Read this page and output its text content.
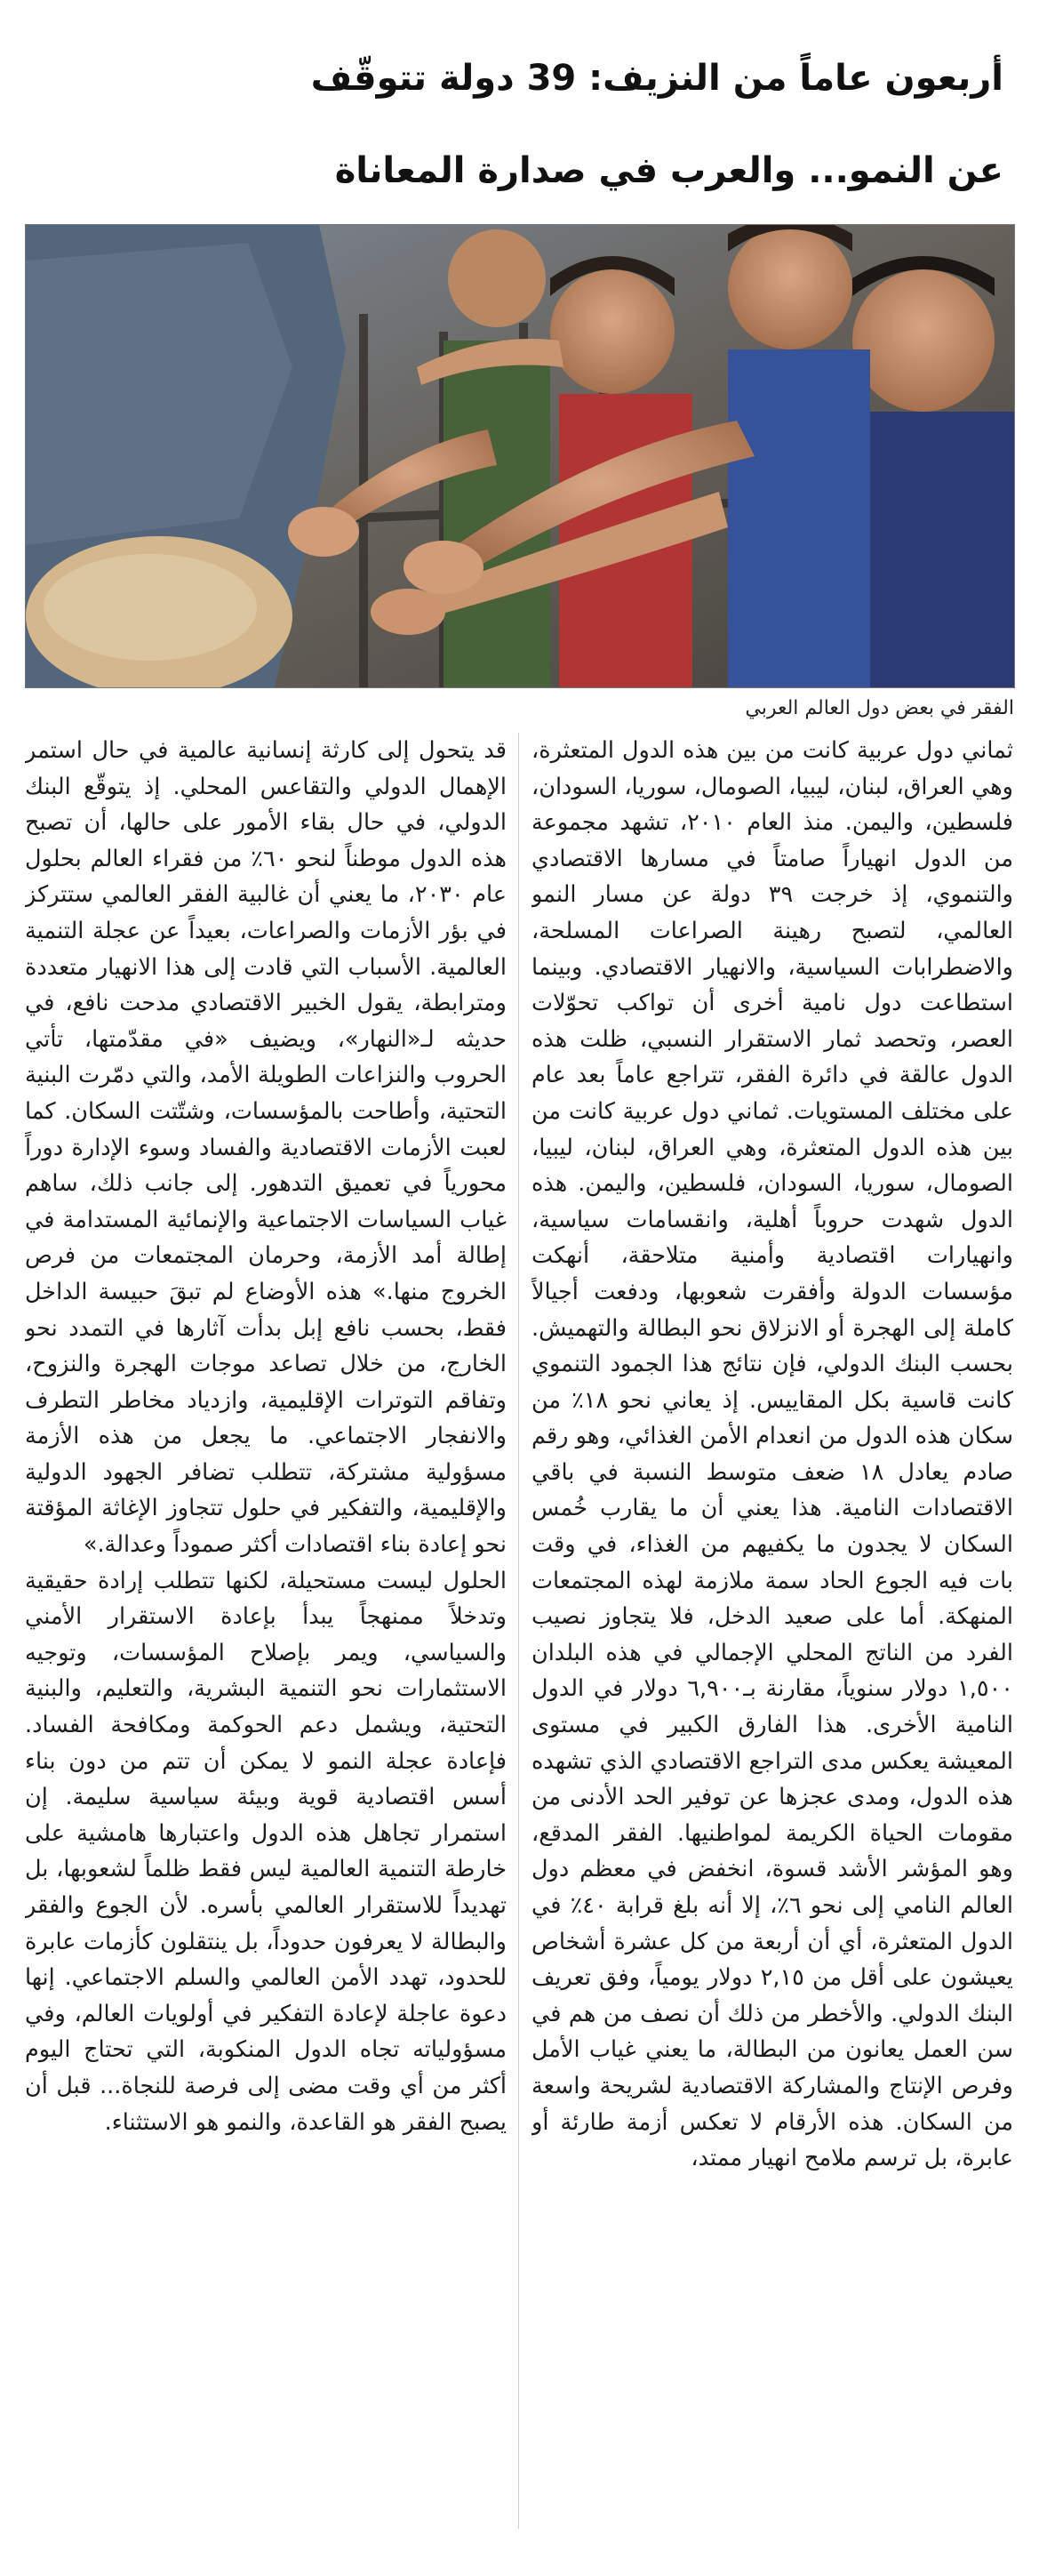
أربعون عاماً من النزيف: 39 دولة تتوقّف
عن النمو... والعرب في صدارة المعاناة
الفقر في بعض دول العالم العربي

ثماني دول عربية كانت من بين هذه الدول المتعثرة، وهي العراق، لبنان، ليبيا، الصومال، سوريا، السودان، فلسطين، واليمن. منذ العام ٢٠١٠، تشهد مجموعة من الدول انهياراً صامتاً في مسارها الاقتصادي والتنموي، إذ خرجت ٣٩ دولة عن مسار النمو العالمي، لتصبح رهينة الصراعات المسلحة، والاضطرابات السياسية، والانهيار الاقتصادي. وبينما استطاعت دول نامية أخرى أن تواكب تحوّلات العصر، وتحصد ثمار الاستقرار النسبي، ظلت هذه الدول عالقة في دائرة الفقر، تتراجع عاماً بعد عام على مختلف المستويات. ثماني دول عربية كانت من بين هذه الدول المتعثرة، وهي العراق، لبنان، ليبيا، الصومال، سوريا، السودان، فلسطين، واليمن. هذه الدول شهدت حروباً أهلية، وانقسامات سياسية، وانهيارات اقتصادية وأمنية متلاحقة، أنهكت مؤسسات الدولة وأفقرت شعوبها، ودفعت أجيالاً كاملة إلى الهجرة أو الانزلاق نحو البطالة والتهميش. بحسب البنك الدولي، فإن نتائج هذا الجمود التنموي كانت قاسية بكل المقاييس. إذ يعاني نحو ١٨٪ من سكان هذه الدول من انعدام الأمن الغذائي، وهو رقم صادم يعادل ١٨ ضعف متوسط النسبة في باقي الاقتصادات النامية. هذا يعني أن ما يقارب خُمس السكان لا يجدون ما يكفيهم من الغذاء، في وقت بات فيه الجوع الحاد سمة ملازمة لهذه المجتمعات المنهكة. أما على صعيد الدخل، فلا يتجاوز نصيب الفرد من الناتج المحلي الإجمالي في هذه البلدان ١,٥٠٠ دولار سنوياً، مقارنة بـ٦,٩٠٠ دولار في الدول النامية الأخرى. هذا الفارق الكبير في مستوى المعيشة يعكس مدى التراجع الاقتصادي الذي تشهده هذه الدول، ومدى عجزها عن توفير الحد الأدنى من مقومات الحياة الكريمة لمواطنيها. الفقر المدقع، وهو المؤشر الأشد قسوة، انخفض في معظم دول العالم النامي إلى نحو ٦٪، إلا أنه بلغ قرابة ٤٠٪ في الدول المتعثرة، أي أن أربعة من كل عشرة أشخاص يعيشون على أقل من ٢,١٥ دولار يومياً، وفق تعريف البنك الدولي. والأخطر من ذلك أن نصف من هم في سن العمل يعانون من البطالة، ما يعني غياب الأمل وفرص الإنتاج والمشاركة الاقتصادية لشريحة واسعة من السكان. هذه الأرقام لا تعكس أزمة طارئة أو عابرة، بل ترسم ملامح انهيار ممتد،

قد يتحول إلى كارثة إنسانية عالمية في حال استمر الإهمال الدولي والتقاعس المحلي. إذ يتوقّع البنك الدولي، في حال بقاء الأمور على حالها، أن تصبح هذه الدول موطناً لنحو ٦٠٪ من فقراء العالم بحلول عام ٢٠٣٠، ما يعني أن غالبية الفقر العالمي ستتركز في بؤر الأزمات والصراعات، بعيداً عن عجلة التنمية العالمية. الأسباب التي قادت إلى هذا الانهيار متعددة ومترابطة، يقول الخبير الاقتصادي مدحت نافع، في حديثه لـ«النهار»، ويضيف «في مقدّمتها، تأتي الحروب والنزاعات الطويلة الأمد، والتي دمّرت البنية التحتية، وأطاحت بالمؤسسات، وشتّتت السكان. كما لعبت الأزمات الاقتصادية والفساد وسوء الإدارة دوراً محورياً في تعميق التدهور. إلى جانب ذلك، ساهم غياب السياسات الاجتماعية والإنمائية المستدامة في إطالة أمد الأزمة، وحرمان المجتمعات من فرص الخروج منها.» هذه الأوضاع لم تبقَ حبيسة الداخل فقط، بحسب نافع إبل بدأت آثارها في التمدد نحو الخارج، من خلال تصاعد موجات الهجرة والنزوح، وتفاقم التوترات الإقليمية، وازدياد مخاطر التطرف والانفجار الاجتماعي. ما يجعل من هذه الأزمة مسؤولية مشتركة، تتطلب تضافر الجهود الدولية والإقليمية، والتفكير في حلول تتجاوز الإغاثة المؤقتة نحو إعادة بناء اقتصادات أكثر صموداً وعدالة.»

الحلول ليست مستحيلة، لكنها تتطلب إرادة حقيقية وتدخلاً ممنهجاً يبدأ بإعادة الاستقرار الأمني والسياسي، ويمر بإصلاح المؤسسات، وتوجيه الاستثمارات نحو التنمية البشرية، والتعليم، والبنية التحتية، ويشمل دعم الحوكمة ومكافحة الفساد. فإعادة عجلة النمو لا يمكن أن تتم من دون بناء أسس اقتصادية قوية وبيئة سياسية سليمة. إن استمرار تجاهل هذه الدول واعتبارها هامشية على خارطة التنمية العالمية ليس فقط ظلماً لشعوبها، بل تهديداً للاستقرار العالمي بأسره. لأن الجوع والفقر والبطالة لا يعرفون حدوداً، بل ينتقلون كأزمات عابرة للحدود، تهدد الأمن العالمي والسلم الاجتماعي. إنها دعوة عاجلة لإعادة التفكير في أولويات العالم، وفي مسؤولياته تجاه الدول المنكوبة، التي تحتاج اليوم أكثر من أي وقت مضى إلى فرصة للنجاة... قبل أن يصبح الفقر هو القاعدة، والنمو هو الاستثناء.
